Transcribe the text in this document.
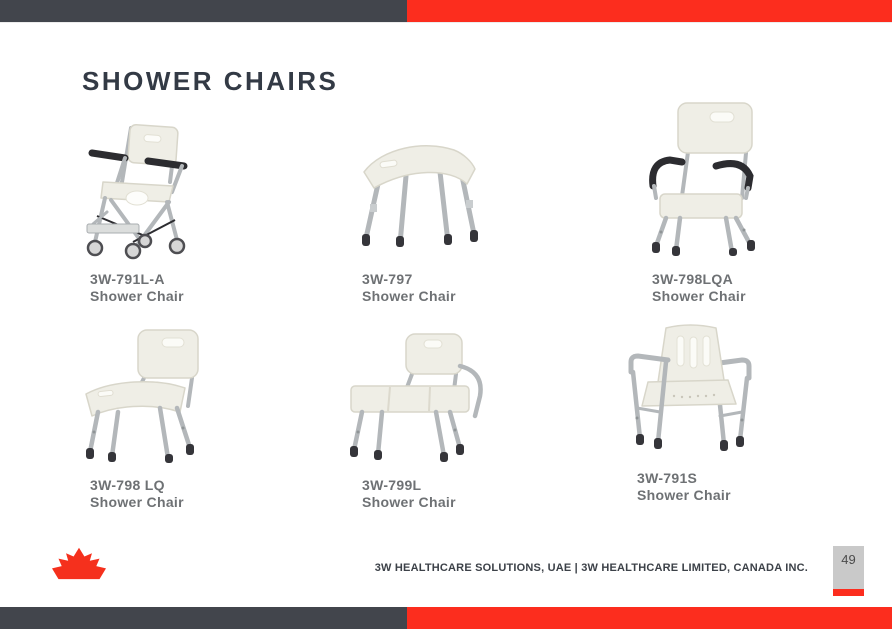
SHOWER CHAIRS
3W-791L-A
Shower Chair
3W-797
Shower Chair
3W-798LQA
Shower Chair
3W-798 LQ
Shower Chair
3W-799L
Shower Chair
3W-791S
Shower Chair
3W HEALTHCARE SOLUTIONS, UAE | 3W HEALTHCARE LIMITED, CANADA INC.
49
